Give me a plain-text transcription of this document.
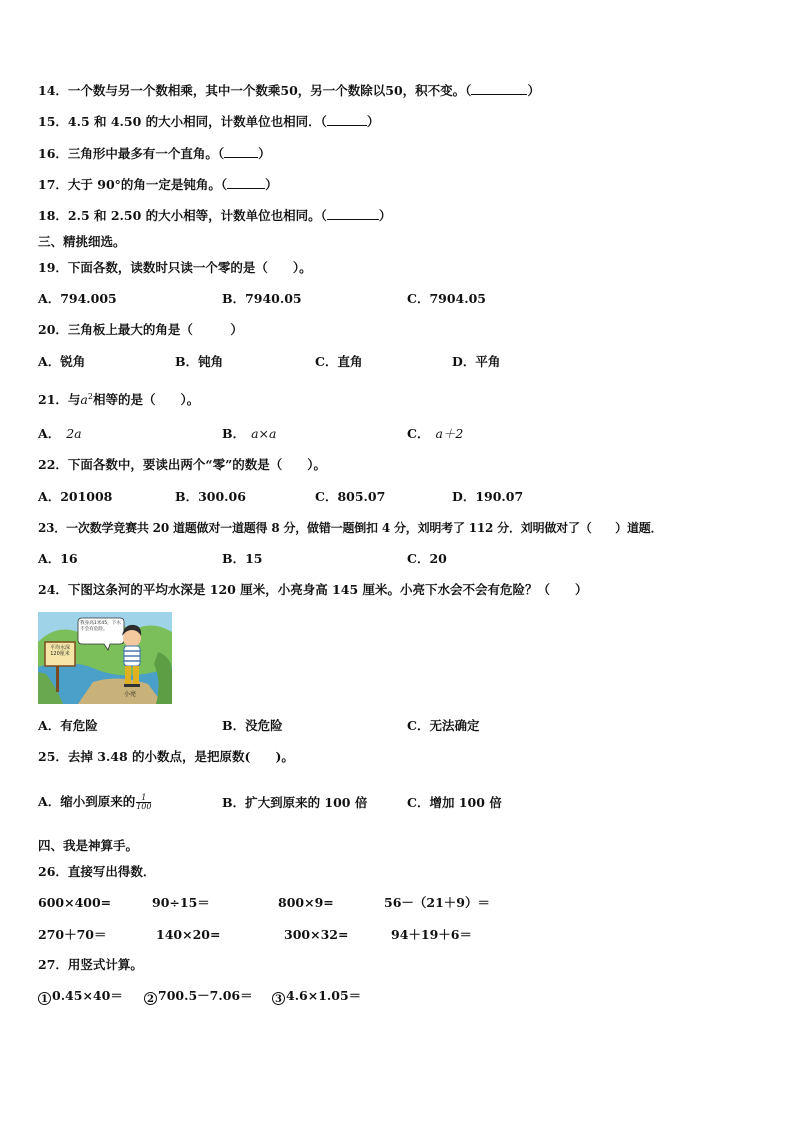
14．一个数与另一个数相乘，其中一个数乘50，另一个数除以50，积不变。（	）
15．4.5 和 4.50 的大小相同，计数单位也相同．（	）
16．三角形中最多有一个直角。（	）
17．大于 90°的角一定是钝角。（	）
18．2.5 和 2.50 的大小相等，计数单位也相同。（	）
三、精挑细选。
19．下面各数，读数时只读一个零的是（　　）。
A．794.005	B．7940.05	C．7904.05
20．三角板上最大的角是（　　　）
A．锐角	B．钝角	C．直角	D．平角
21．与$a^2$相等的是（　　）。
A． 2a	B． a×a	C． a＋2
22．下面各数中，要读出两个“零”的数是（　　）。
A．201008	B．300.06	C．805.07	D．190.07
23．一次数学竞赛共 20 道题做对一道题得 8 分，做错一题倒扣 4 分，刘明考了 112 分．刘明做对了（　　）道题．
A．16	B．15	C．20
24．下图这条河的平均水深是 120 厘米，小亮身高 145 厘米。小亮下水会不会有危险？（　　）
平均水深120厘米
我身高1米45，下水不会有危险。
小亮
A．有危险	B．没危险	C．无法确定
25．去掉 3.48 的小数点，是把原数(　　)。
A．缩小到原来的 $\frac{1}{100}$	B．扩大到原来的 100 倍	C．增加 100 倍
四、我是神算手。
26．直接写出得数．
600×400=	90÷15＝	800×9=	56－（21＋9）＝
270＋70＝	140×20=	300×32=	94＋19＋6＝
27．用竖式计算。
1 0.45×40＝	2 700.5－7.06＝	3 4.6×1.05＝
